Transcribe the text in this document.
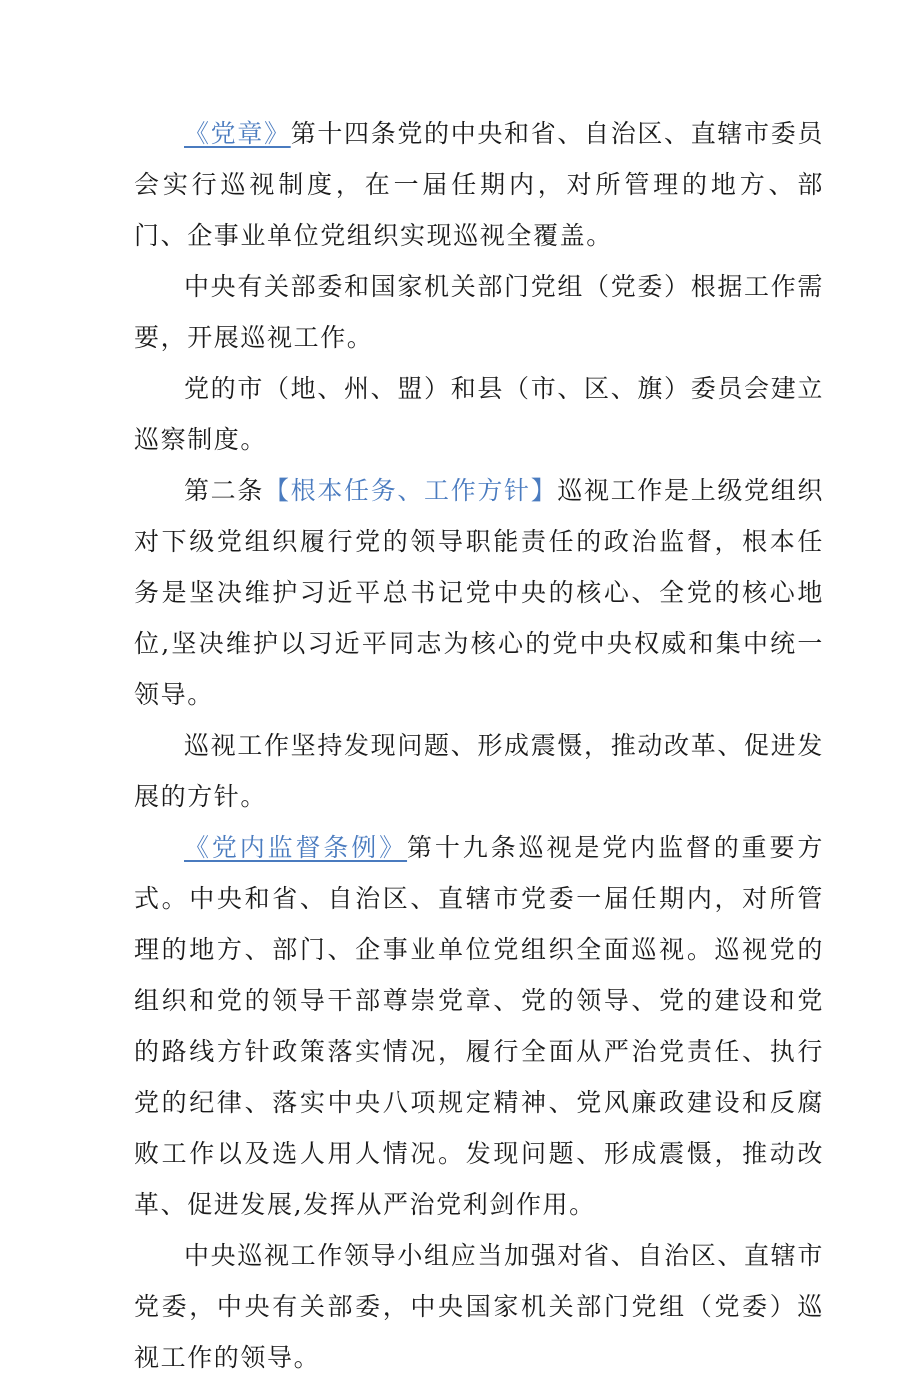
《党章》第十四条党的中央和省、自治区、直辖市委员会实行巡视制度，在一届任期内，对所管理的地方、部门、企事业单位党组织实现巡视全覆盖。

中央有关部委和国家机关部门党组（党委）根据工作需要，开展巡视工作。

党的市（地、州、盟）和县（市、区、旗）委员会建立巡察制度。

第二条【根本任务、工作方针】巡视工作是上级党组织对下级党组织履行党的领导职能责任的政治监督，根本任务是坚决维护习近平总书记党中央的核心、全党的核心地位,坚决维护以习近平同志为核心的党中央权威和集中统一领导。

巡视工作坚持发现问题、形成震慑，推动改革、促进发展的方针。

《党内监督条例》第十九条巡视是党内监督的重要方式。中央和省、自治区、直辖市党委一届任期内，对所管理的地方、部门、企事业单位党组织全面巡视。巡视党的组织和党的领导干部尊崇党章、党的领导、党的建设和党的路线方针政策落实情况，履行全面从严治党责任、执行党的纪律、落实中央八项规定精神、党风廉政建设和反腐败工作以及选人用人情况。发现问题、形成震慑，推动改革、促进发展,发挥从严治党利剑作用。

中央巡视工作领导小组应当加强对省、自治区、直辖市党委，中央有关部委，中央国家机关部门党组（党委）巡视工作的领导。
